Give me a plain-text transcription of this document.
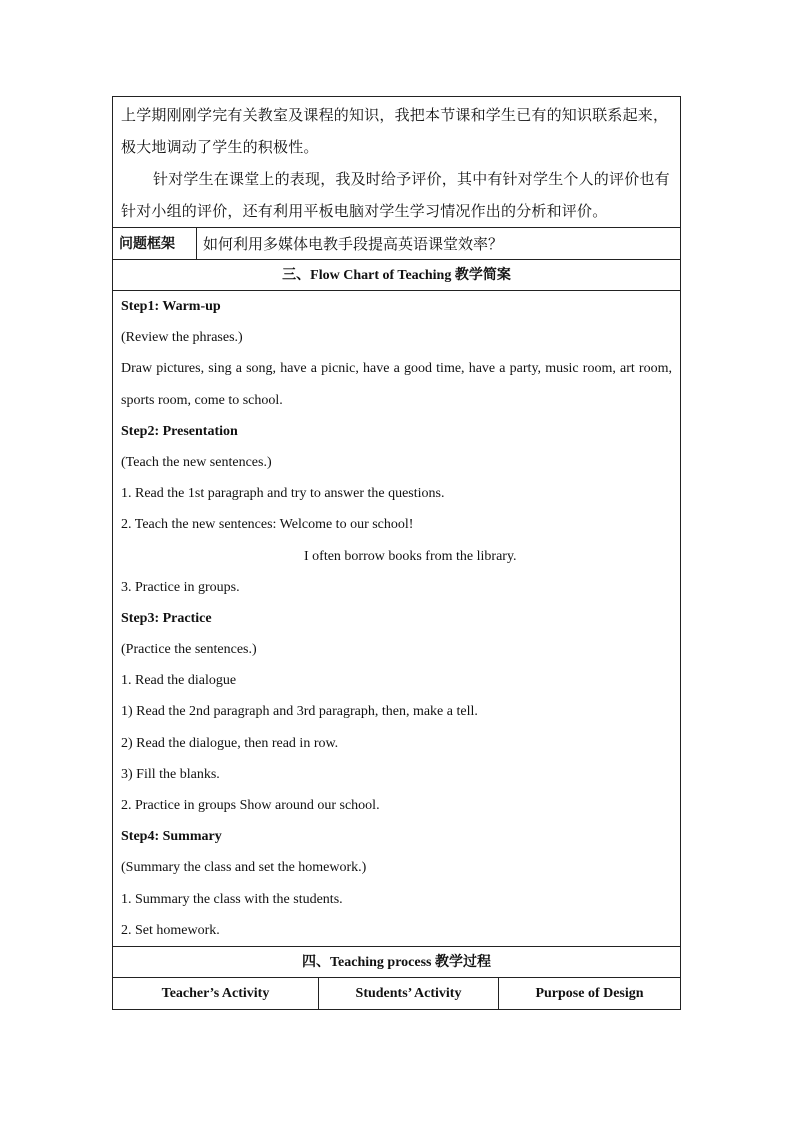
上学期刚刚学完有关教室及课程的知识，我把本节课和学生已有的知识联系起来，极大地调动了学生的积极性。

针对学生在课堂上的表现，我及时给予评价，其中有针对学生个人的评价也有针对小组的评价，还有利用平板电脑对学生学习情况作出的分析和评价。

问题框架	如何利用多媒体电教手段提高英语课堂效率？
三、Flow Chart of Teaching 教学简案
Step1: Warm-up
(Review the phrases.)
Draw pictures, sing a song, have a picnic, have a good time, have a party, music room, art room, sports room, come to school.
Step2: Presentation
(Teach the new sentences.)
1. Read the 1st paragraph and try to answer the questions.
2. Teach the new sentences: Welcome to our school!
I often borrow books from the library.
3. Practice in groups.
Step3: Practice
(Practice the sentences.)
1. Read the dialogue
1) Read the 2nd paragraph and 3rd paragraph, then, make a tell.
2) Read the dialogue, then read in row.
3) Fill the blanks.
2. Practice in groups Show around our school.
Step4: Summary
(Summary the class and set the homework.)
1. Summary the class with the students.
2. Set homework.
四、Teaching process 教学过程
Teacher’s Activity	Students’ Activity	Purpose of Design
